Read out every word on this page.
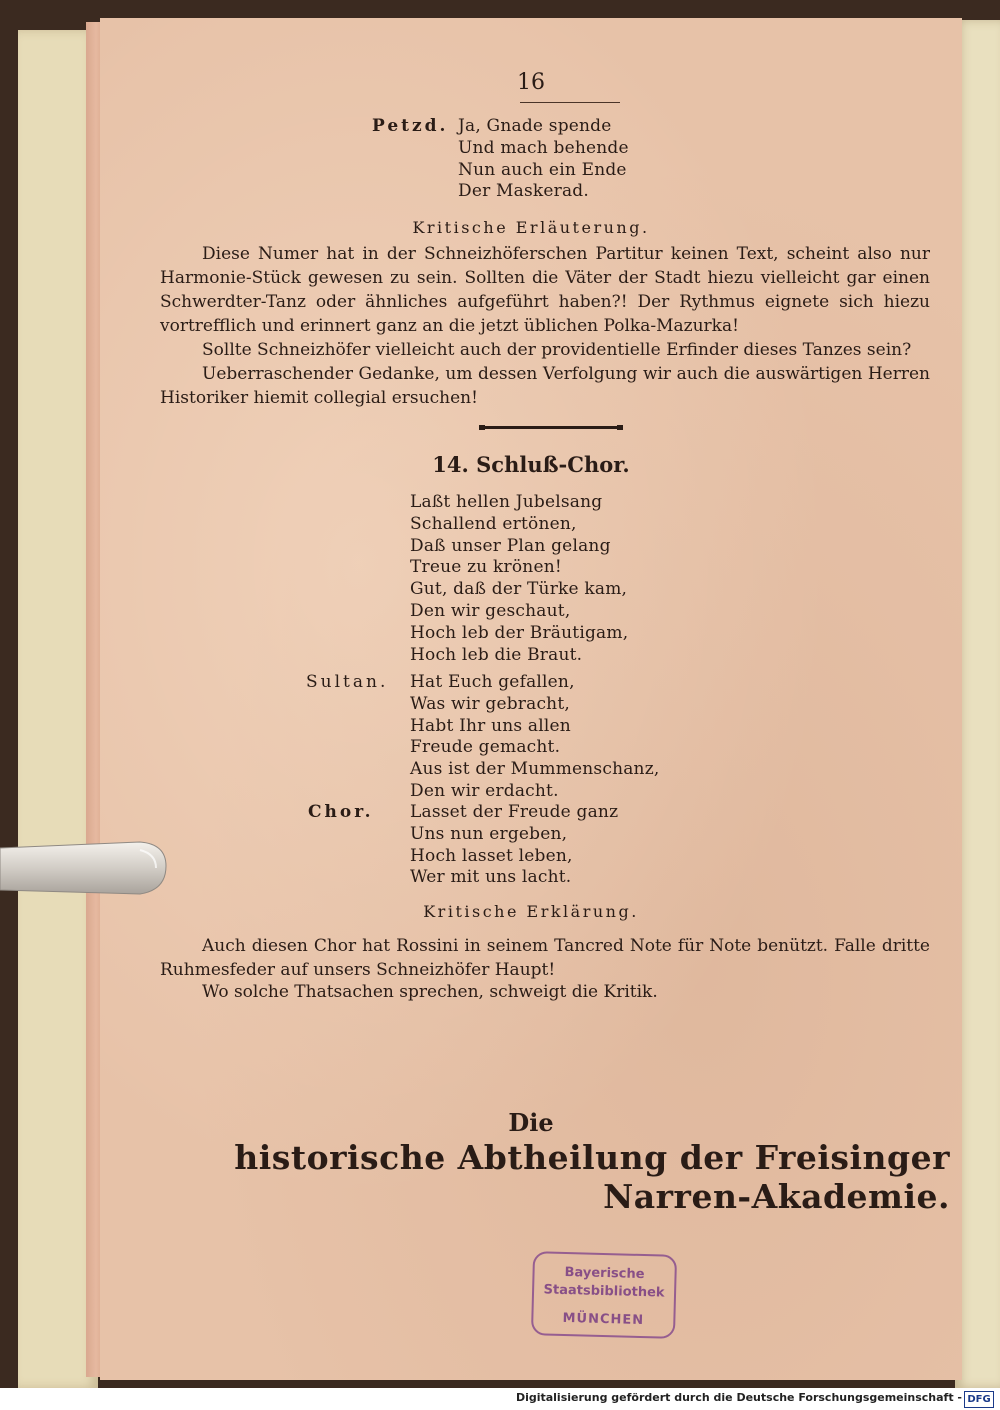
16
Petzd. Ja, Gnade spende
Und mach behende
Nun auch ein Ende
Der Maskerad.
Kritische Erläuterung.
Diese Numer hat in der Schneizhöferschen Partitur keinen Text, scheint also nur Harmonie-Stück gewesen zu sein. Sollten die Väter der Stadt hiezu vielleicht gar einen Schwerdter-Tanz oder ähnliches aufgeführt haben?! Der Rythmus eignete sich hiezu vortrefflich und erinnert ganz an die jetzt üblichen Polka-Mazurka!
Sollte Schneizhöfer vielleicht auch der providentielle Erfinder dieses Tanzes sein?
Ueberraschender Gedanke, um dessen Verfolgung wir auch die auswärtigen Herren Historiker hiemit collegial ersuchen!
14. Schluß-Chor.
Laßt hellen Jubelsang
Schallend ertönen,
Daß unser Plan gelang
Treue zu krönen!
Gut, daß der Türke kam,
Den wir geschaut,
Hoch leb der Bräutigam,
Hoch leb die Braut.
Sultan. Hat Euch gefallen,
Was wir gebracht,
Habt Ihr uns allen
Freude gemacht.
Aus ist der Mummenschanz,
Den wir erdacht.
Chor. Lasset der Freude ganz
Uns nun ergeben,
Hoch lasset leben,
Wer mit uns lacht.
Kritische Erklärung.
Auch diesen Chor hat Rossini in seinem Tancred Note für Note benützt. Falle dritte Ruhmesfeder auf unsers Schneizhöfer Haupt!
Wo solche Thatsachen sprechen, schweigt die Kritik.
Die
historische Abtheilung der Freisinger Narren-Akademie.
Bayerische
Staatsbibliothek
MÜNCHEN
Digitalisierung gefördert durch die Deutsche Forschungsgemeinschaft - DFG
